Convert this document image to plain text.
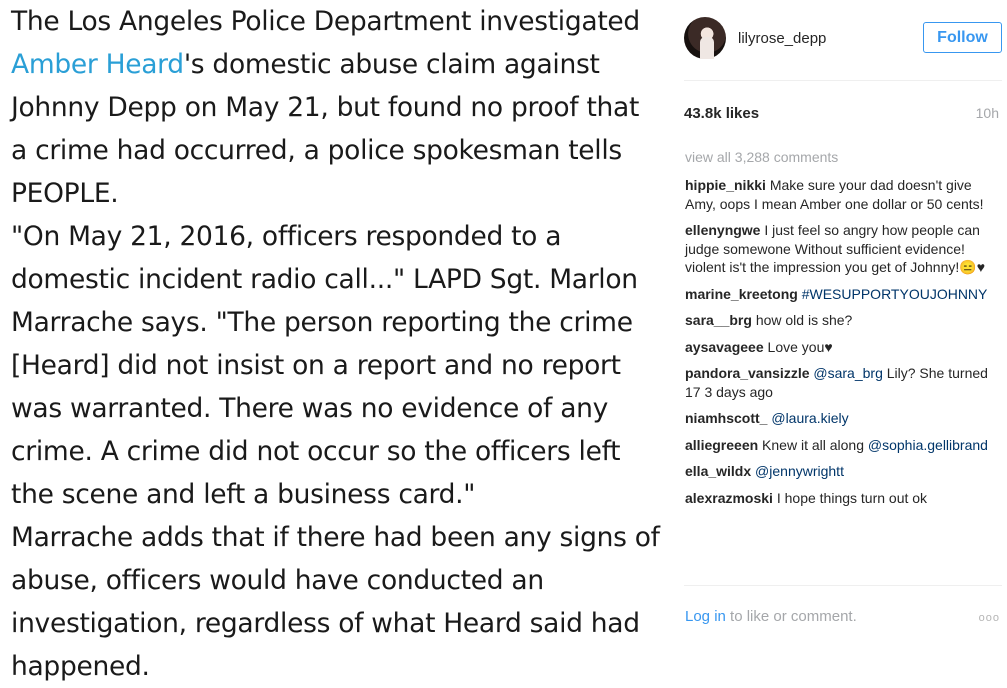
The Los Angeles Police Department investigated Amber Heard's domestic abuse claim against Johnny Depp on May 21, but found no proof that a crime had occurred, a police spokesman tells PEOPLE.

"On May 21, 2016, officers responded to a domestic incident radio call..." LAPD Sgt. Marlon Marrache says. "The person reporting the crime [Heard] did not insist on a report and no report was warranted. There was no evidence of any crime. A crime did not occur so the officers left the scene and left a business card."

Marrache adds that if there had been any signs of abuse, officers would have conducted an investigation, regardless of what Heard said had happened.

lilyrose_depp	Follow
43.8k likes	10h
view all 3,288 comments
hippie_nikki Make sure your dad doesn't give Amy, oops I mean Amber one dollar or 50 cents!
ellenyngwe I just feel so angry how people can judge somewone Without sufficient evidence! violent is't the impression you get of Johnny!😑♥
marine_kreetong #WESUPPORTYOUJOHNNY
sara__brg how old is she?
aysavageee Love you♥
pandora_vansizzle @sara_brg Lily? She turned 17 3 days ago
niamhscott_ @laura.kiely
alliegreeen Knew it all along @sophia.gellibrand
ella_wildx @jennywrightt
alexrazmoski I hope things turn out ok
Log in to like or comment.	ooo
